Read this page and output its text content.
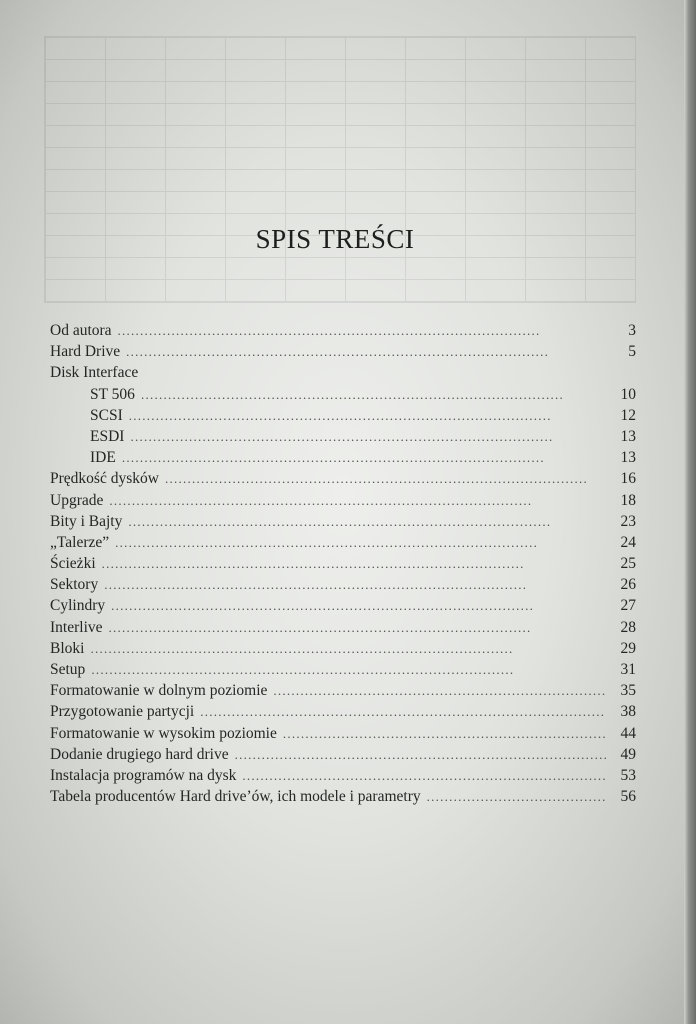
SPIS TREŚCI
Od autora . . .	3
Hard Drive . . .	5
Disk Interface
ST 506 . . .	10
SCSI . . .	12
ESDI . . .	13
IDE . . .	13
Prędkość dysków . . .	16
Upgrade . . .	18
Bity i Bajty . . .	23
„Talerze” . . .	24
Ścieżki . . .	25
Sektory . . .	26
Cylindry . . .	27
Interlive . . .	28
Bloki . . .	29
Setup . . .	31
Formatowanie w dolnym poziomie . . .	35
Przygotowanie partycji . . .	38
Formatowanie w wysokim poziomie . . .	44
Dodanie drugiego hard drive . . .	49
Instalacja programów na dysk . . .	53
Tabela producentów Hard drive’ów, ich modele i parametry . . .	56
